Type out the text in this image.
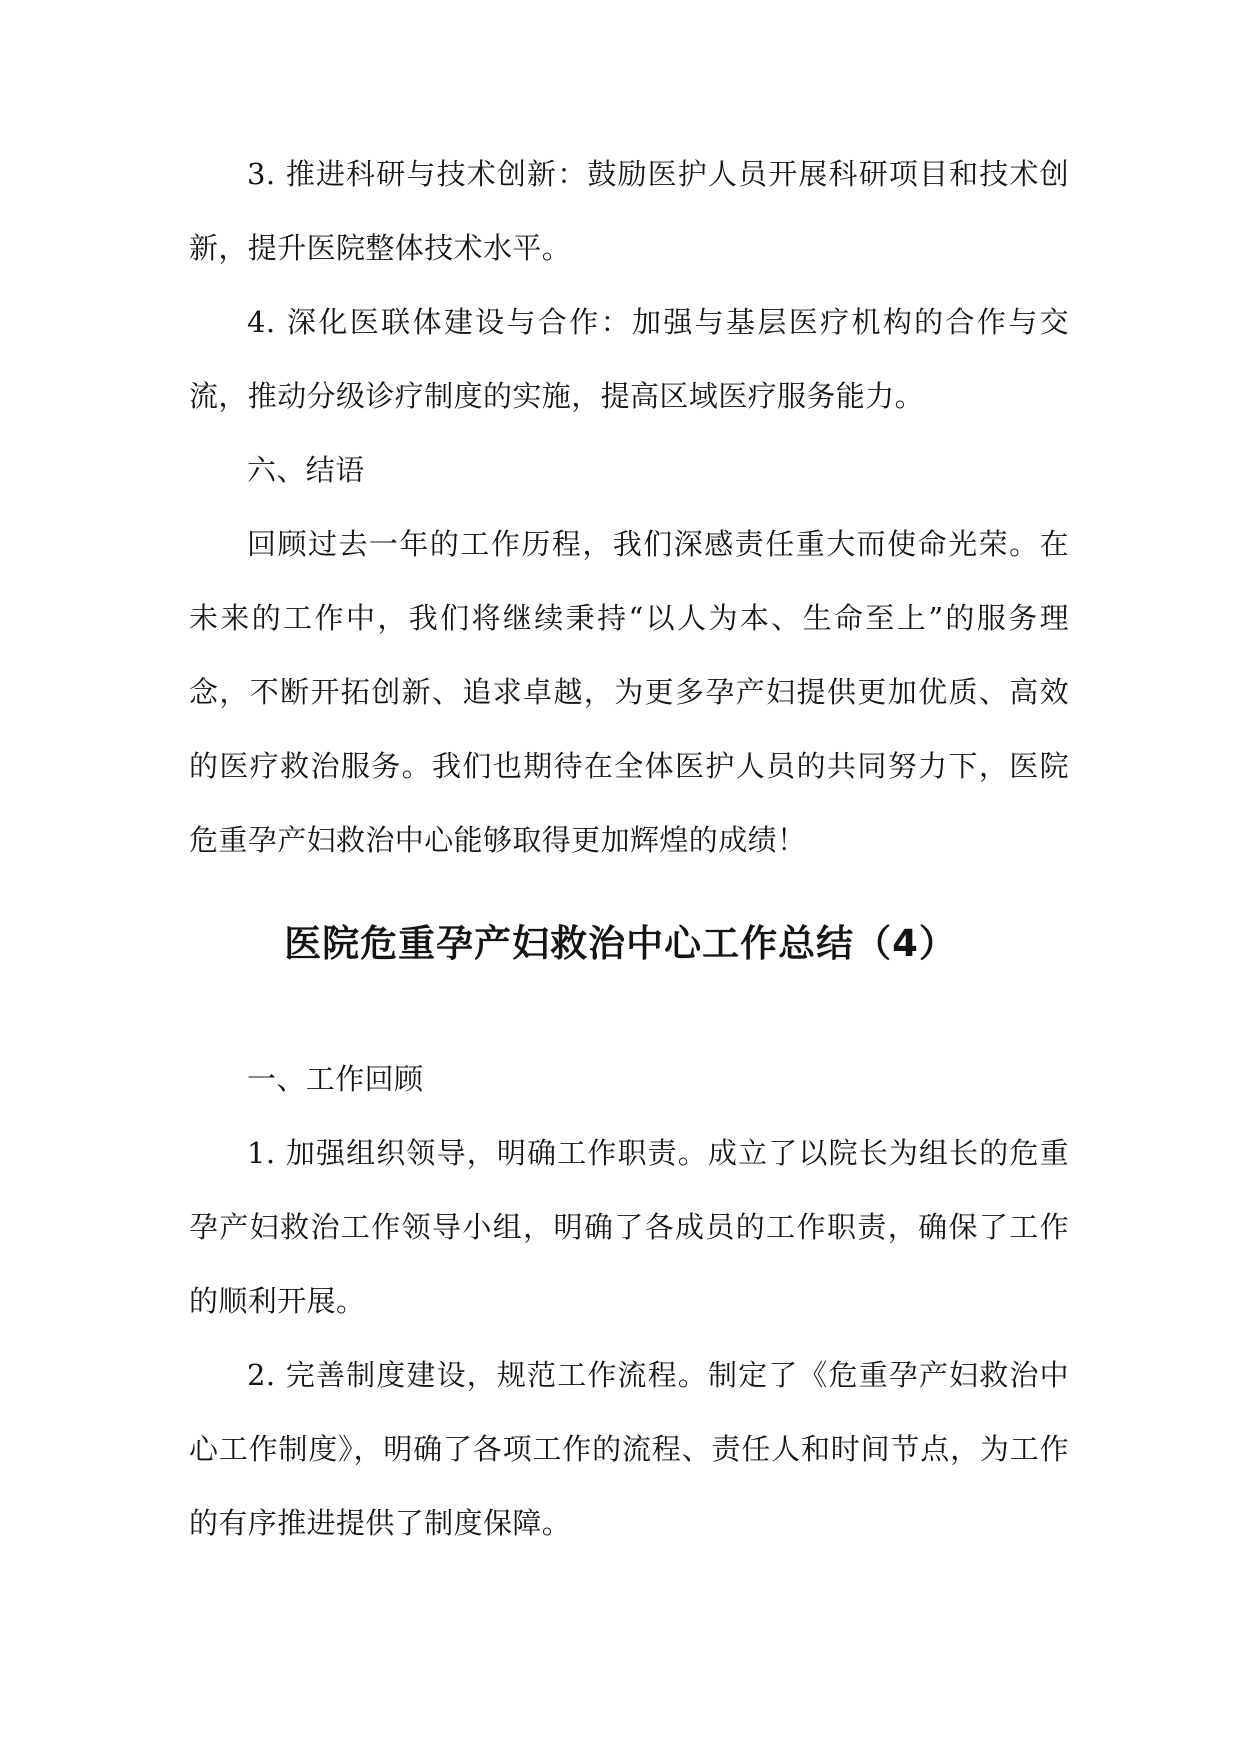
3. 推进科研与技术创新：鼓励医护人员开展科研项目和技术创新，提升医院整体技术水平。

4. 深化医联体建设与合作：加强与基层医疗机构的合作与交流，推动分级诊疗制度的实施，提高区域医疗服务能力。

六、结语

回顾过去一年的工作历程，我们深感责任重大而使命光荣。在未来的工作中，我们将继续秉持“以人为本、生命至上”的服务理念，不断开拓创新、追求卓越，为更多孕产妇提供更加优质、高效的医疗救治服务。我们也期待在全体医护人员的共同努力下，医院危重孕产妇救治中心能够取得更加辉煌的成绩！

医院危重孕产妇救治中心工作总结（4）

一、工作回顾

1. 加强组织领导，明确工作职责。成立了以院长为组长的危重孕产妇救治工作领导小组，明确了各成员的工作职责，确保了工作的顺利开展。

2. 完善制度建设，规范工作流程。制定了《危重孕产妇救治中心工作制度》，明确了各项工作的流程、责任人和时间节点，为工作的有序推进提供了制度保障。
